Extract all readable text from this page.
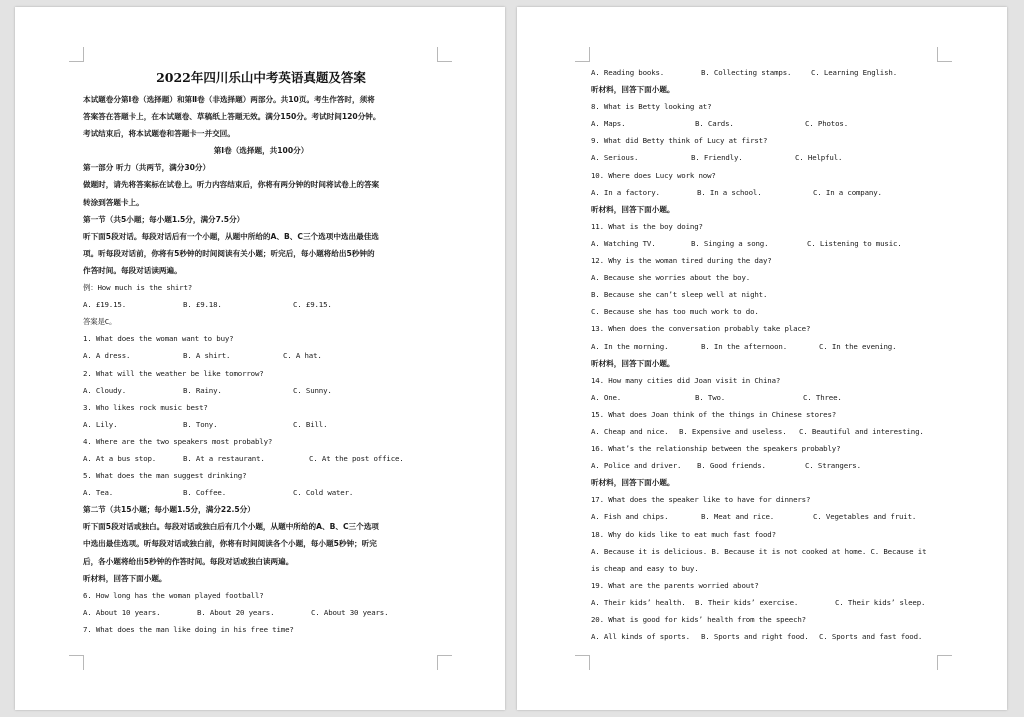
2022年四川乐山中考英语真题及答案
本试题卷分第Ⅰ卷（选择题）和第Ⅱ卷（非选择题）两部分。共10页。考生作答时，须将
答案答在答题卡上，在本试题卷、草稿纸上答题无效。满分150分。考试时间120分钟。
考试结束后，将本试题卷和答题卡一并交回。
第Ⅰ卷（选择题，共100分）
第一部分 听力（共两节，满分30分）
做题时，请先将答案标在试卷上。听力内容结束后，你将有两分钟的时间将试卷上的答案
转涂到答题卡上。
第一节（共5小题；每小题1.5分，满分7.5分）
听下面5段对话。每段对话后有一个小题，从题中所给的A、B、C三个选项中选出最佳选
项。听每段对话前，你将有5秒钟的时间阅读有关小题；听完后，每小题将给出5秒钟的
作答时间。每段对话读两遍。
例：How much is the shirt?
A. £19.15.	B. £9.18.	C. £9.15.
答案是C。
1. What does the woman want to buy?
A. A dress.	B. A shirt.	C. A hat.
2. What will the weather be like tomorrow?
A. Cloudy.	B. Rainy.	C. Sunny.
3. Who likes rock music best?
A. Lily.	B. Tony.	C. Bill.
4. Where are the two speakers most probably?
A. At a bus stop.	B. At a restaurant.	C. At the post office.
5. What does the man suggest drinking?
A. Tea.	B. Coffee.	C. Cold water.
第二节（共15小题；每小题1.5分，满分22.5分）
听下面5段对话或独白。每段对话或独白后有几个小题，从题中所给的A、B、C三个选项
中选出最佳选项。听每段对话或独白前，你将有时间阅读各个小题，每小题5秒钟；听完
后，各小题将给出5秒钟的作答时间。每段对话或独白读两遍。
听材料，回答下面小题。
6. How long has the woman played football?
A. About 10 years.	B. About 20 years.	C. About 30 years.
7. What does the man like doing in his free time?
A. Reading books.	B. Collecting stamps.	C. Learning English.
听材料，回答下面小题。
8. What is Betty looking at?
A. Maps.	B. Cards.	C. Photos.
9. What did Betty think of Lucy at first?
A. Serious.	B. Friendly.	C. Helpful.
10. Where does Lucy work now?
A. In a factory.	B. In a school.	C. In a company.
听材料，回答下面小题。
11. What is the boy doing?
A. Watching TV.	B. Singing a song.	C. Listening to music.
12. Why is the woman tired during the day?
A. Because she worries about the boy.
B. Because she can’t sleep well at night.
C. Because she has too much work to do.
13. When does the conversation probably take place?
A. In the morning.	B. In the afternoon.	C. In the evening.
听材料，回答下面小题。
14. How many cities did Joan visit in China?
A. One.	B. Two.	C. Three.
15. What does Joan think of the things in Chinese stores?
A. Cheap and nice. B. Expensive and useless. C. Beautiful and interesting.
16. What’s the relationship between the speakers probably?
A. Police and driver. B. Good friends.	C. Strangers.
听材料，回答下面小题。
17. What does the speaker like to have for dinners?
A. Fish and chips.	B. Meat and rice.	C. Vegetables and fruit.
18. Why do kids like to eat much fast food?
A. Because it is delicious. B. Because it is not cooked at home. C. Because it
is cheap and easy to buy.
19. What are the parents worried about?
A. Their kids’ health. B. Their kids’ exercise.	C. Their kids’ sleep.
20. What is good for kids’ health from the speech?
A. All kinds of sports. B. Sports and right food. C. Sports and fast food.
